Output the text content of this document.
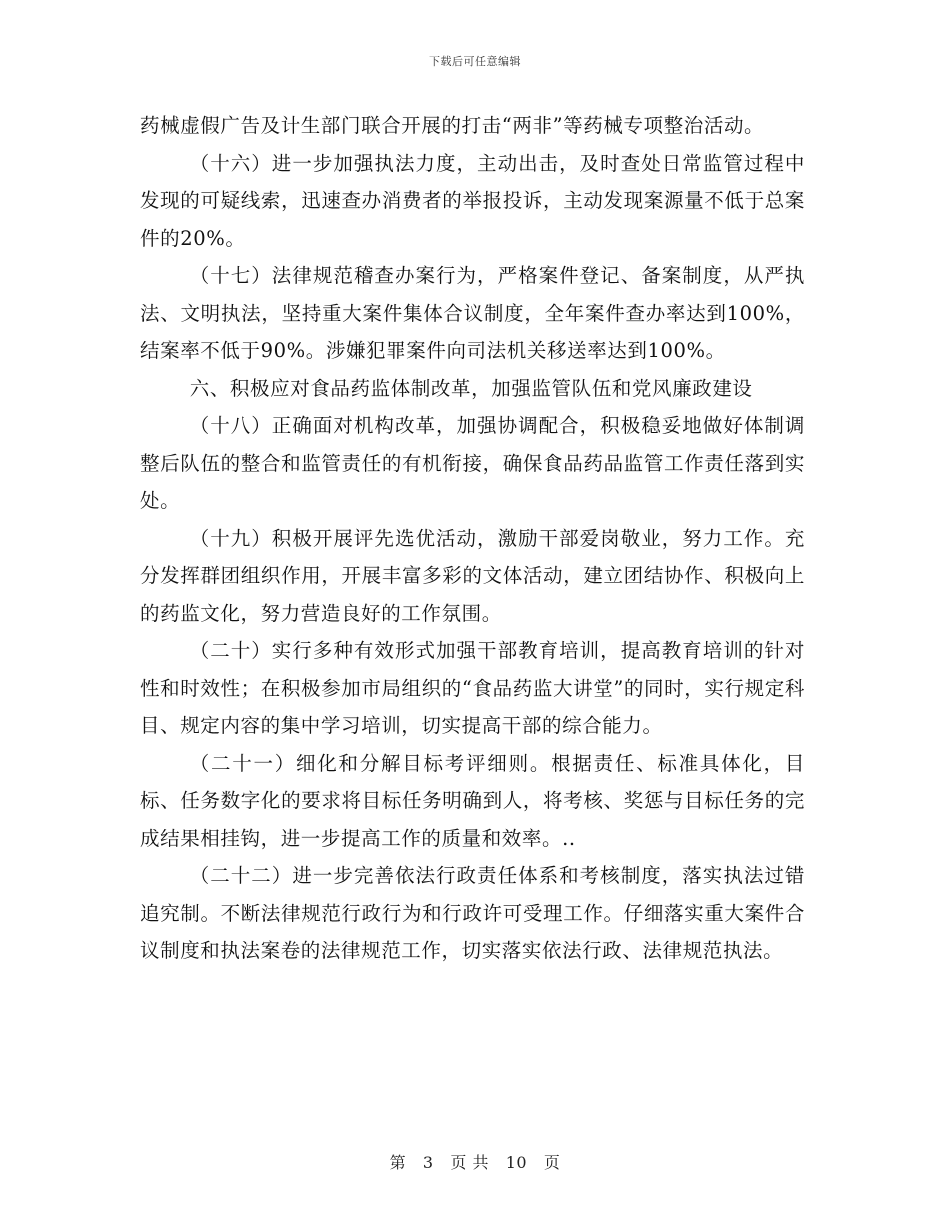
下载后可任意编辑

药械虚假广告及计生部门联合开展的打击“两非”等药械专项整治活动。

（十六）进一步加强执法力度，主动出击，及时查处日常监管过程中发现的可疑线索，迅速查办消费者的举报投诉，主动发现案源量不低于总案件的20%。

（十七）法律规范稽查办案行为，严格案件登记、备案制度，从严执法、文明执法，坚持重大案件集体合议制度，全年案件查办率达到100%，结案率不低于90%。涉嫌犯罪案件向司法机关移送率达到100%。

六、积极应对食品药监体制改革，加强监管队伍和党风廉政建设

（十八）正确面对机构改革，加强协调配合，积极稳妥地做好体制调整后队伍的整合和监管责任的有机衔接，确保食品药品监管工作责任落到实处。

（十九）积极开展评先选优活动，激励干部爱岗敬业，努力工作。充分发挥群团组织作用，开展丰富多彩的文体活动，建立团结协作、积极向上的药监文化，努力营造良好的工作氛围。

（二十）实行多种有效形式加强干部教育培训，提高教育培训的针对性和时效性；在积极参加市局组织的“食品药监大讲堂”的同时，实行规定科目、规定内容的集中学习培训，切实提高干部的综合能力。

（二十一）细化和分解目标考评细则。根据责任、标准具体化，目标、任务数字化的要求将目标任务明确到人，将考核、奖惩与目标任务的完成结果相挂钩，进一步提高工作的质量和效率。..

（二十二）进一步完善依法行政责任体系和考核制度，落实执法过错追究制。不断法律规范行政行为和行政许可受理工作。仔细落实重大案件合议制度和执法案卷的法律规范工作，切实落实依法行政、法律规范执法。

第 3 页 共 10 页
